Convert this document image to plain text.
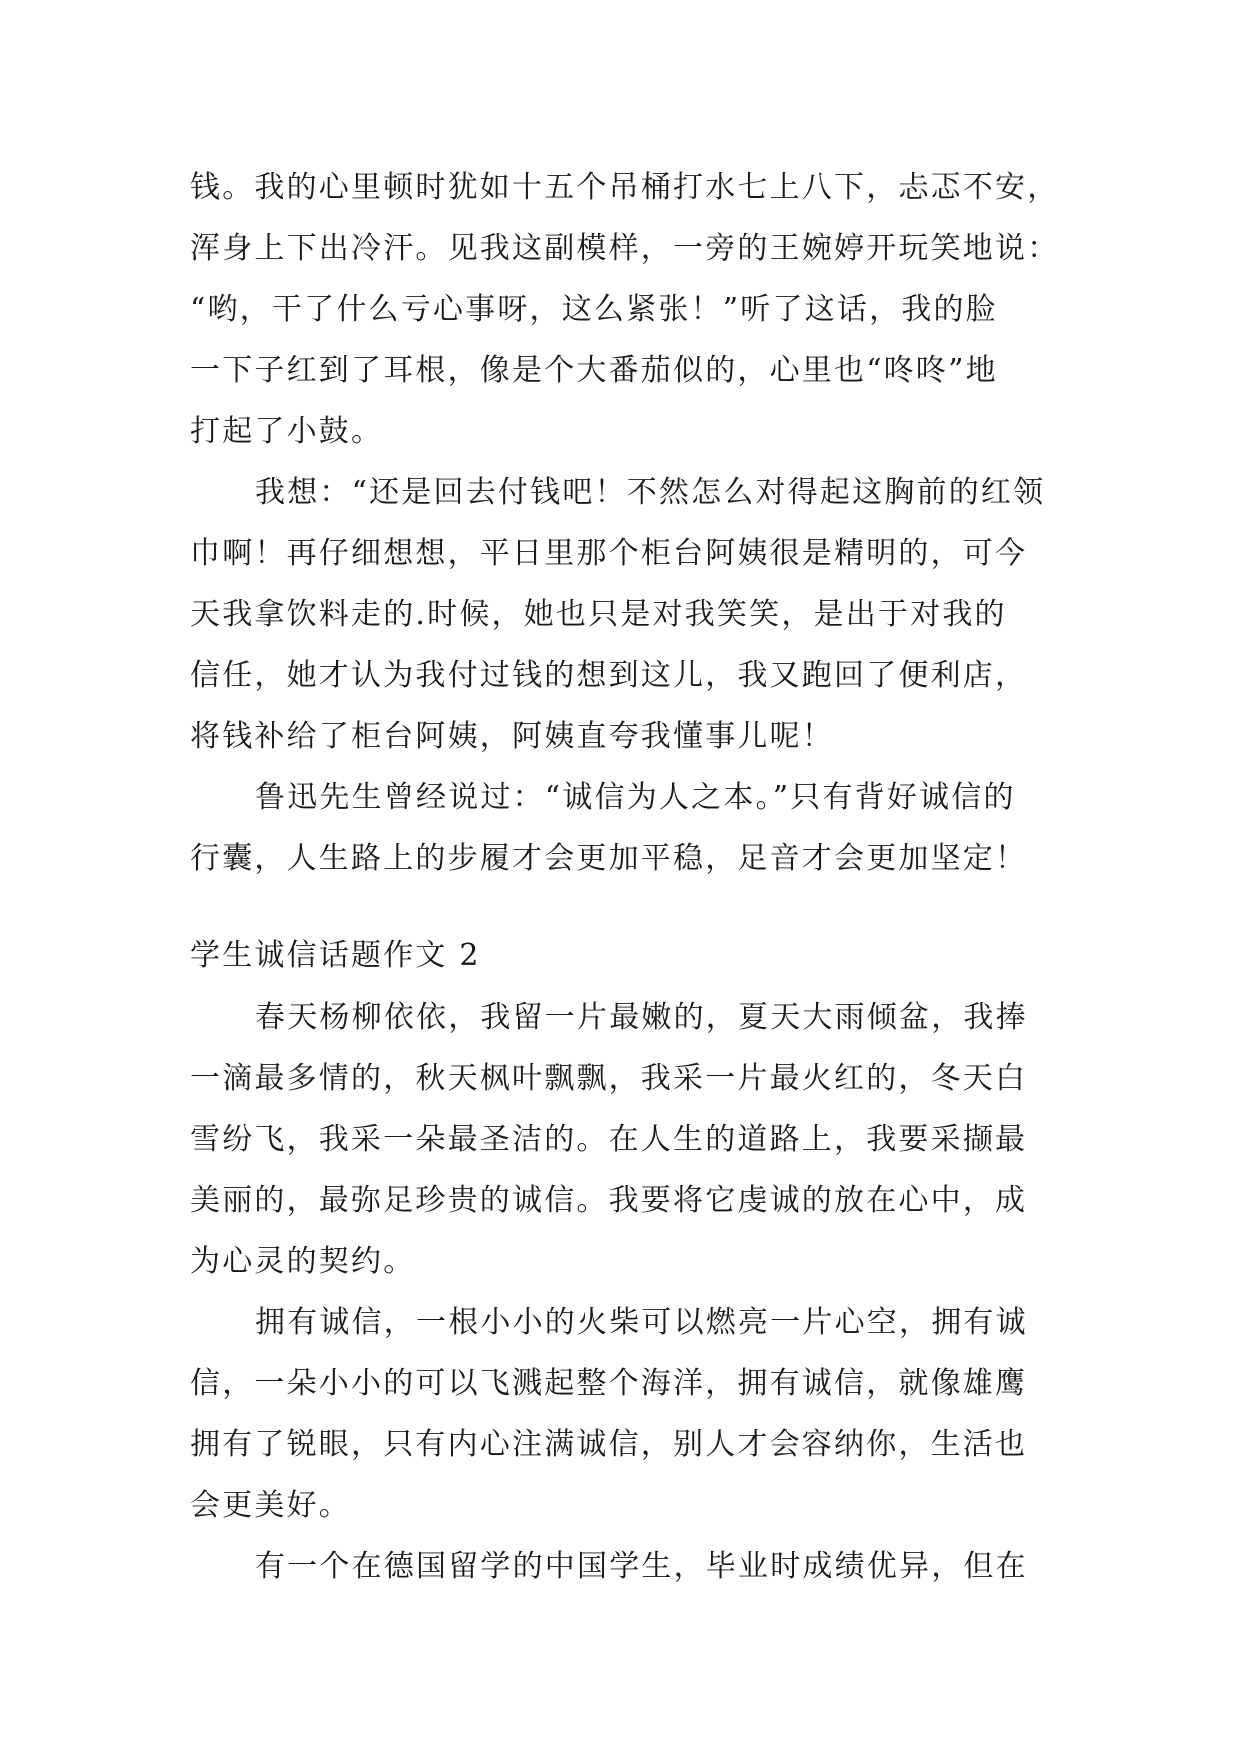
钱。我的心里顿时犹如十五个吊桶打水七上八下，忐忑不安，
浑身上下出冷汗。见我这副模样，一旁的王婉婷开玩笑地说：
“哟，干了什么亏心事呀，这么紧张！”听了这话，我的脸
一下子红到了耳根，像是个大番茄似的，心里也“咚咚”地
打起了小鼓。
我想：“还是回去付钱吧！不然怎么对得起这胸前的红领
巾啊！再仔细想想，平日里那个柜台阿姨很是精明的，可今
天我拿饮料走的.时候，她也只是对我笑笑，是出于对我的
信任，她才认为我付过钱的想到这儿，我又跑回了便利店，
将钱补给了柜台阿姨，阿姨直夸我懂事儿呢！
鲁迅先生曾经说过：“诚信为人之本。”只有背好诚信的
行囊，人生路上的步履才会更加平稳，足音才会更加坚定！
学生诚信话题作文 2
春天杨柳依依，我留一片最嫩的，夏天大雨倾盆，我捧
一滴最多情的，秋天枫叶飘飘，我采一片最火红的，冬天白
雪纷飞，我采一朵最圣洁的。在人生的道路上，我要采撷最
美丽的，最弥足珍贵的诚信。我要将它虔诚的放在心中，成
为心灵的契约。
拥有诚信，一根小小的火柴可以燃亮一片心空，拥有诚
信，一朵小小的可以飞溅起整个海洋，拥有诚信，就像雄鹰
拥有了锐眼，只有内心注满诚信，别人才会容纳你，生活也
会更美好。
有一个在德国留学的中国学生，毕业时成绩优异，但在
